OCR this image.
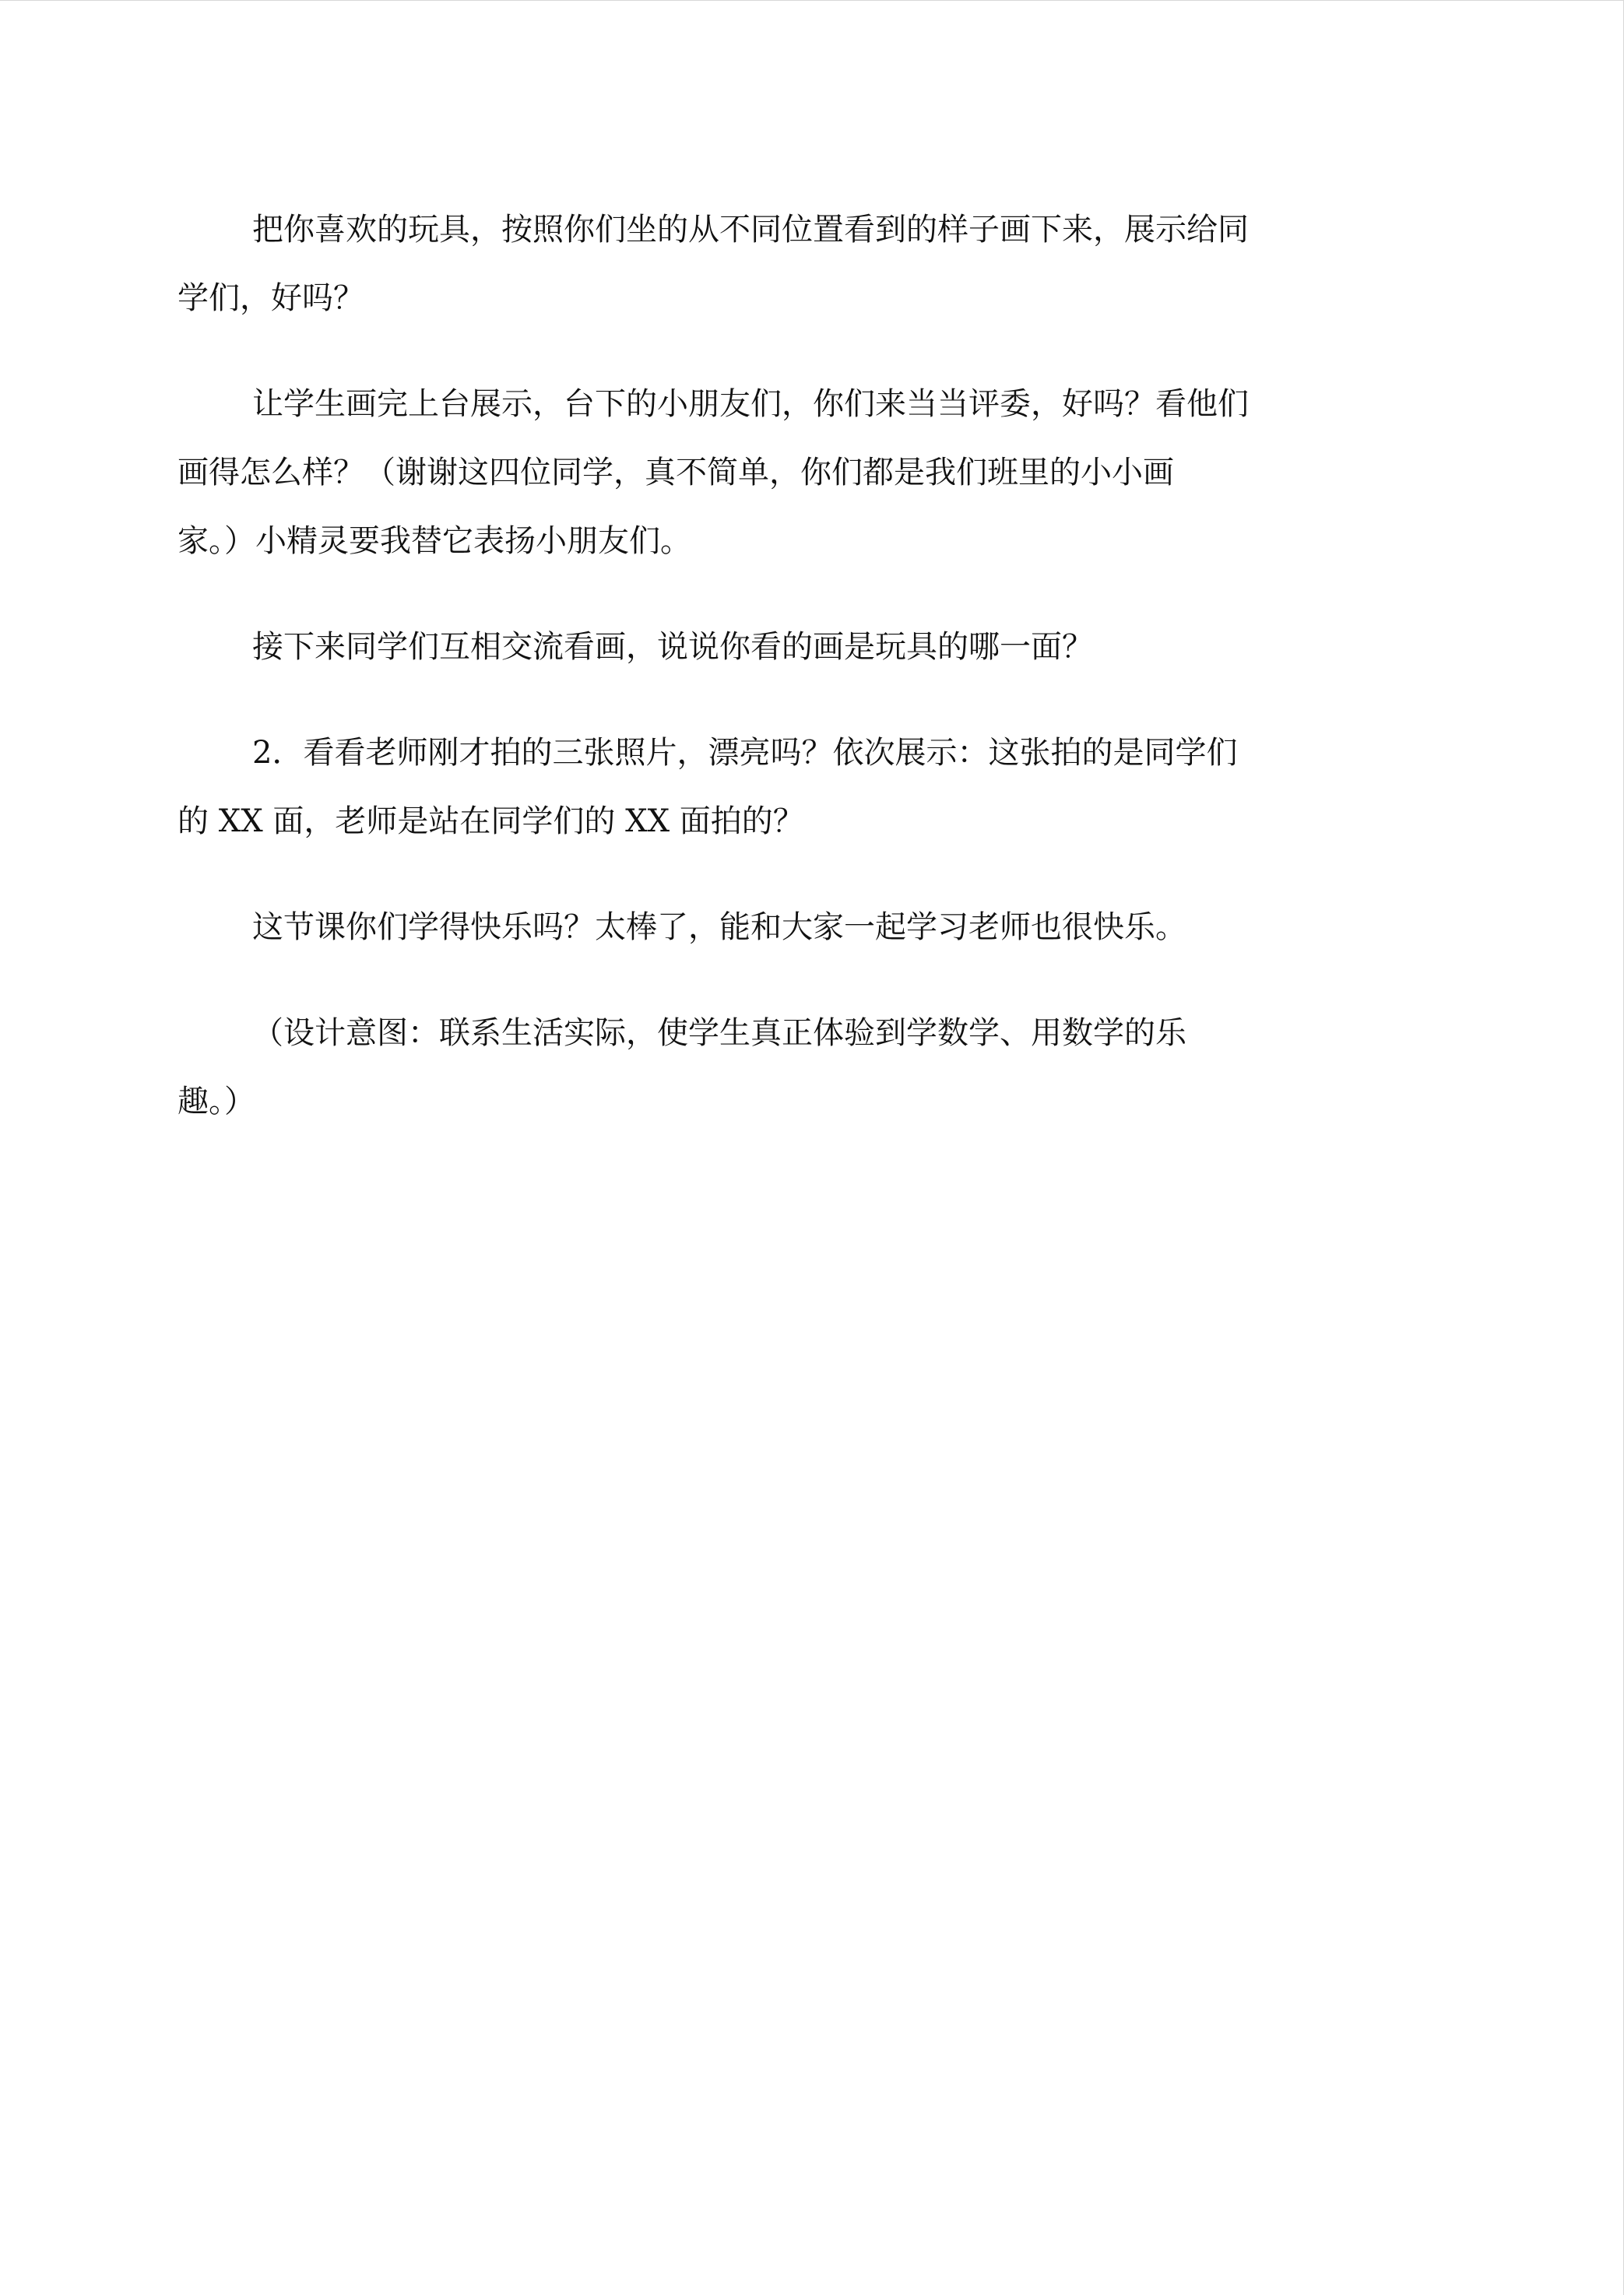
把你喜欢的玩具，按照你们坐的从不同位置看到的样子画下来，展示给同
学们，好吗？

让学生画完上台展示，台下的小朋友们，你们来当当评委，好吗？看他们
画得怎么样？（谢谢这四位同学，真不简单，你们都是我们班里的小小画
家。）小精灵要我替它表扬小朋友们。

接下来同学们互相交流看画，说说你看的画是玩具的哪一面？

2．看看老师刚才拍的三张照片，漂亮吗？依次展示：这张拍的是同学们
的 XX 面，老师是站在同学们的 XX 面拍的？

这节课你们学得快乐吗？太棒了，能和大家一起学习老师也很快乐。

（设计意图：联系生活实际，使学生真正体验到学数学、用数学的乐
趣。）
